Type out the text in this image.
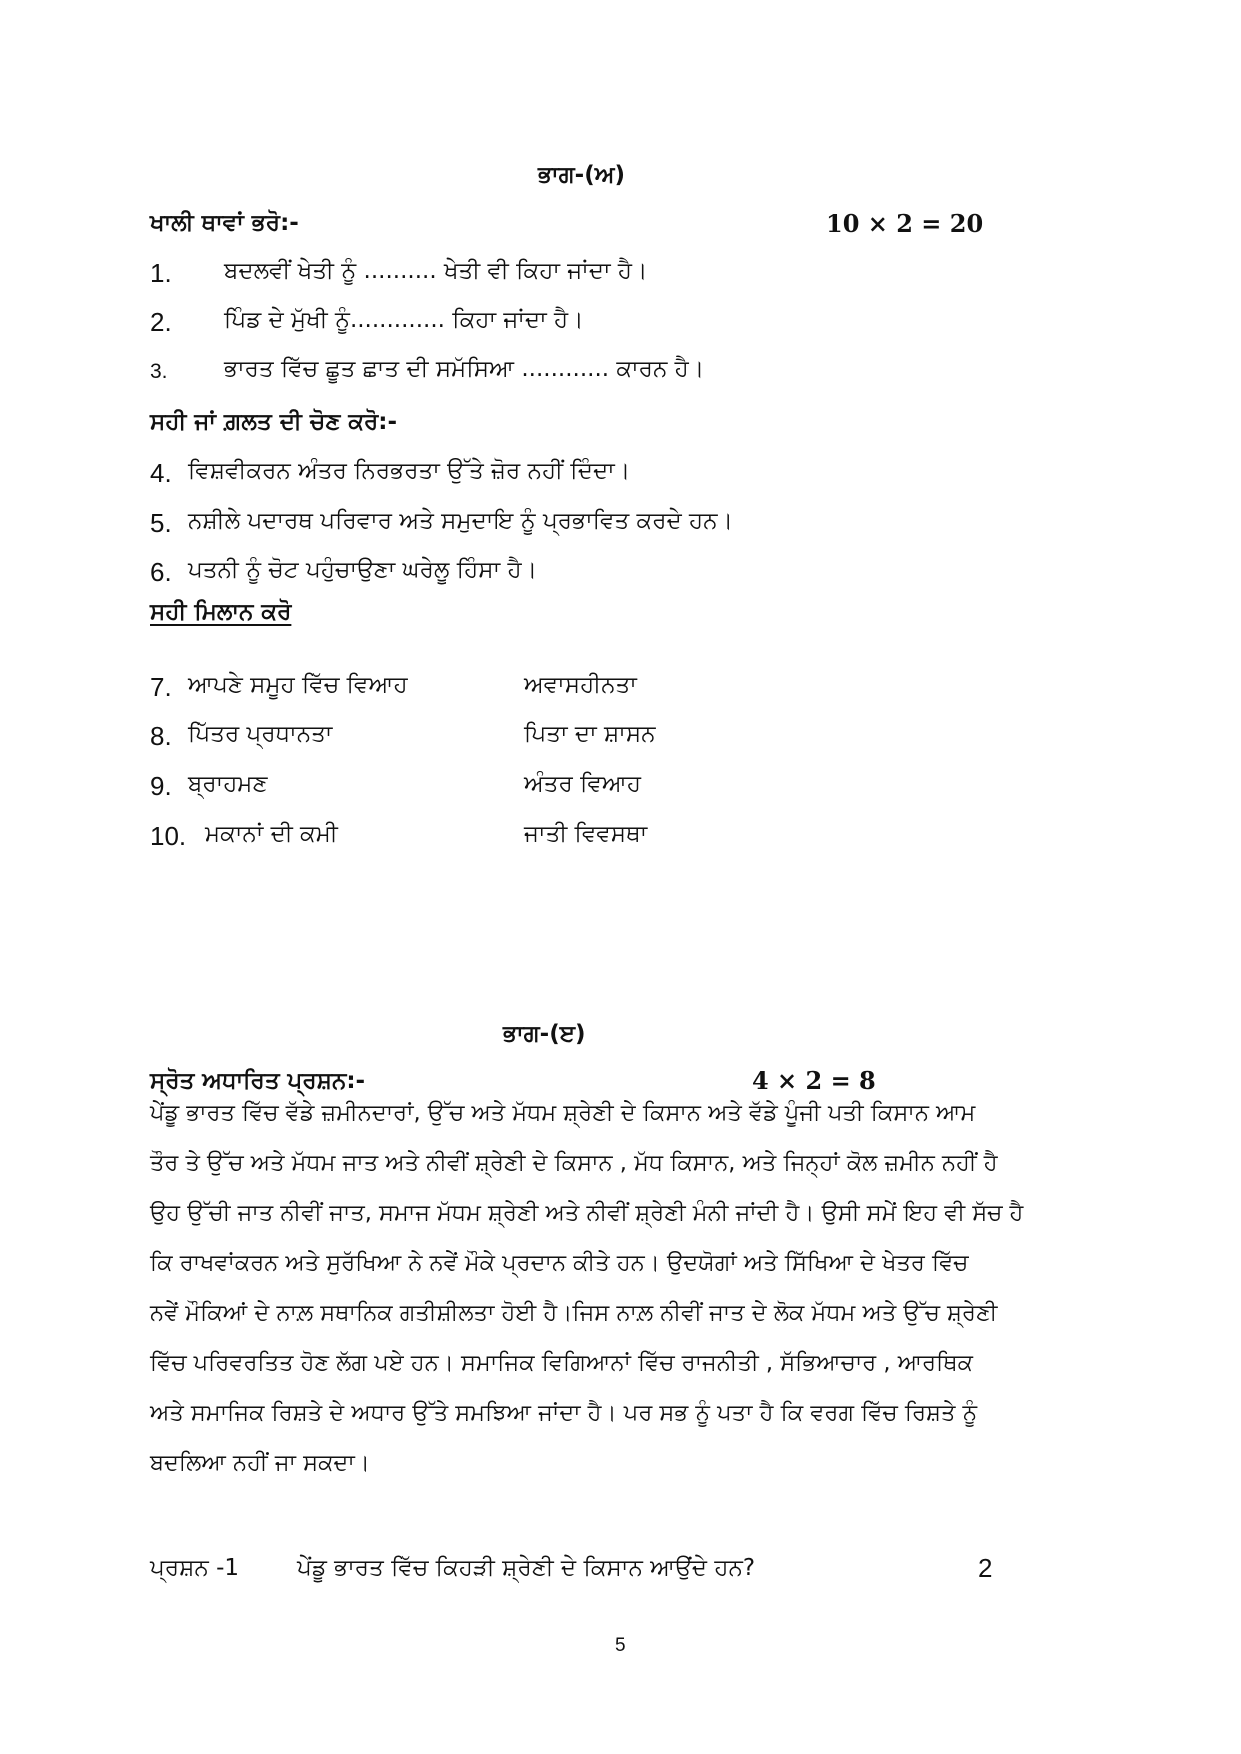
ਭਾਗ-(ਅ)
ਖਾਲੀ ਥਾਵਾਂ ਭਰੋ:-	10 × 2 = 20
1. ਬਦਲਵੀਂ ਖੇਤੀ ਨੂੰ .......... ਖੇਤੀ ਵੀ ਕਿਹਾ ਜਾਂਦਾ ਹੈ।
2. ਪਿੰਡ ਦੇ ਮੁੱਖੀ ਨੂੰ............. ਕਿਹਾ ਜਾਂਦਾ ਹੈ।
3. ਭਾਰਤ ਵਿੱਚ ਛੂਤ ਛਾਤ ਦੀ ਸਮੱਸਿਆ ............ ਕਾਰਨ ਹੈ।
ਸਹੀ ਜਾਂ ਗ਼ਲਤ ਦੀ ਚੋਣ ਕਰੋ:-
4. ਵਿਸ਼ਵੀਕਰਨ ਅੰਤਰ ਨਿਰਭਰਤਾ ਉੱਤੇ ਜ਼ੋਰ ਨਹੀਂ ਦਿੰਦਾ।
5. ਨਸ਼ੀਲੇ ਪਦਾਰਥ ਪਰਿਵਾਰ ਅਤੇ ਸਮੁਦਾਇ ਨੂੰ ਪ੍ਰਭਾਵਿਤ ਕਰਦੇ ਹਨ।
6. ਪਤਨੀ ਨੂੰ ਚੋਟ ਪਹੁੰਚਾਉਣਾ ਘਰੇਲੂ ਹਿੰਸਾ ਹੈ।
ਸਹੀ ਮਿਲਾਨ ਕਰੋ
7. ਆਪਣੇ ਸਮੂਹ ਵਿੱਚ ਵਿਆਹ	ਅਵਾਸਹੀਨਤਾ
8. ਪਿੱਤਰ ਪ੍ਰਧਾਨਤਾ	ਪਿਤਾ ਦਾ ਸ਼ਾਸਨ
9. ਬ੍ਰਾਹਮਣ	ਅੰਤਰ ਵਿਆਹ
10. ਮਕਾਨਾਂ ਦੀ ਕਮੀ	ਜਾਤੀ ਵਿਵਸਥਾ
ਭਾਗ-(ੲ)
ਸ੍ਰੋਤ ਅਧਾਰਿਤ ਪ੍ਰਸ਼ਨ:-	4 × 2 = 8
ਪੇਂਡੂ ਭਾਰਤ ਵਿੱਚ ਵੱਡੇ ਜ਼ਮੀਨਦਾਰਾਂ, ਉੱਚ ਅਤੇ ਮੱਧਮ ਸ਼੍ਰੇਣੀ ਦੇ ਕਿਸਾਨ ਅਤੇ ਵੱਡੇ ਪੂੰਜੀ ਪਤੀ ਕਿਸਾਨ ਆਮ
ਤੌਰ ਤੇ ਉੱਚ ਅਤੇ ਮੱਧਮ ਜਾਤ ਅਤੇ ਨੀਵੀਂ ਸ਼੍ਰੇਣੀ ਦੇ ਕਿਸਾਨ , ਮੱਧ ਕਿਸਾਨ, ਅਤੇ ਜਿਨ੍ਹਾਂ ਕੋਲ ਜ਼ਮੀਨ ਨਹੀਂ ਹੈ
ਉਹ ਉੱਚੀ ਜਾਤ ਨੀਵੀਂ ਜਾਤ, ਸਮਾਜ ਮੱਧਮ ਸ਼੍ਰੇਣੀ ਅਤੇ ਨੀਵੀਂ ਸ਼੍ਰੇਣੀ ਮੰਨੀ ਜਾਂਦੀ ਹੈ। ਉਸੀ ਸਮੇਂ ਇਹ ਵੀ ਸੱਚ ਹੈ
ਕਿ ਰਾਖਵਾਂਕਰਨ ਅਤੇ ਸੁਰੱਖਿਆ ਨੇ ਨਵੇਂ ਮੌਕੇ ਪ੍ਰਦਾਨ ਕੀਤੇ ਹਨ। ਉਦਯੋਗਾਂ ਅਤੇ ਸਿੱਖਿਆ ਦੇ ਖੇਤਰ ਵਿੱਚ
ਨਵੇਂ ਮੌਕਿਆਂ ਦੇ ਨਾਲ਼ ਸਥਾਨਿਕ ਗਤੀਸ਼ੀਲਤਾ ਹੋਈ ਹੈ।ਜਿਸ ਨਾਲ਼ ਨੀਵੀਂ ਜਾਤ ਦੇ ਲੋਕ ਮੱਧਮ ਅਤੇ ਉੱਚ ਸ਼੍ਰੇਣੀ
ਵਿੱਚ ਪਰਿਵਰਤਿਤ ਹੋਣ ਲੱਗ ਪਏ ਹਨ। ਸਮਾਜਿਕ ਵਿਗਿਆਨਾਂ ਵਿੱਚ ਰਾਜਨੀਤੀ , ਸੱਭਿਆਚਾਰ , ਆਰਥਿਕ
ਅਤੇ ਸਮਾਜਿਕ ਰਿਸ਼ਤੇ ਦੇ ਅਧਾਰ ਉੱਤੇ ਸਮਝਿਆ ਜਾਂਦਾ ਹੈ। ਪਰ ਸਭ ਨੂੰ ਪਤਾ ਹੈ ਕਿ ਵਰਗ ਵਿੱਚ ਰਿਸ਼ਤੇ ਨੂੰ
ਬਦਲਿਆ ਨਹੀਂ ਜਾ ਸਕਦਾ।
ਪ੍ਰਸ਼ਨ -1	ਪੇਂਡੂ ਭਾਰਤ ਵਿੱਚ ਕਿਹੜੀ ਸ਼੍ਰੇਣੀ ਦੇ ਕਿਸਾਨ ਆਉਂਦੇ ਹਨ?	2
5
